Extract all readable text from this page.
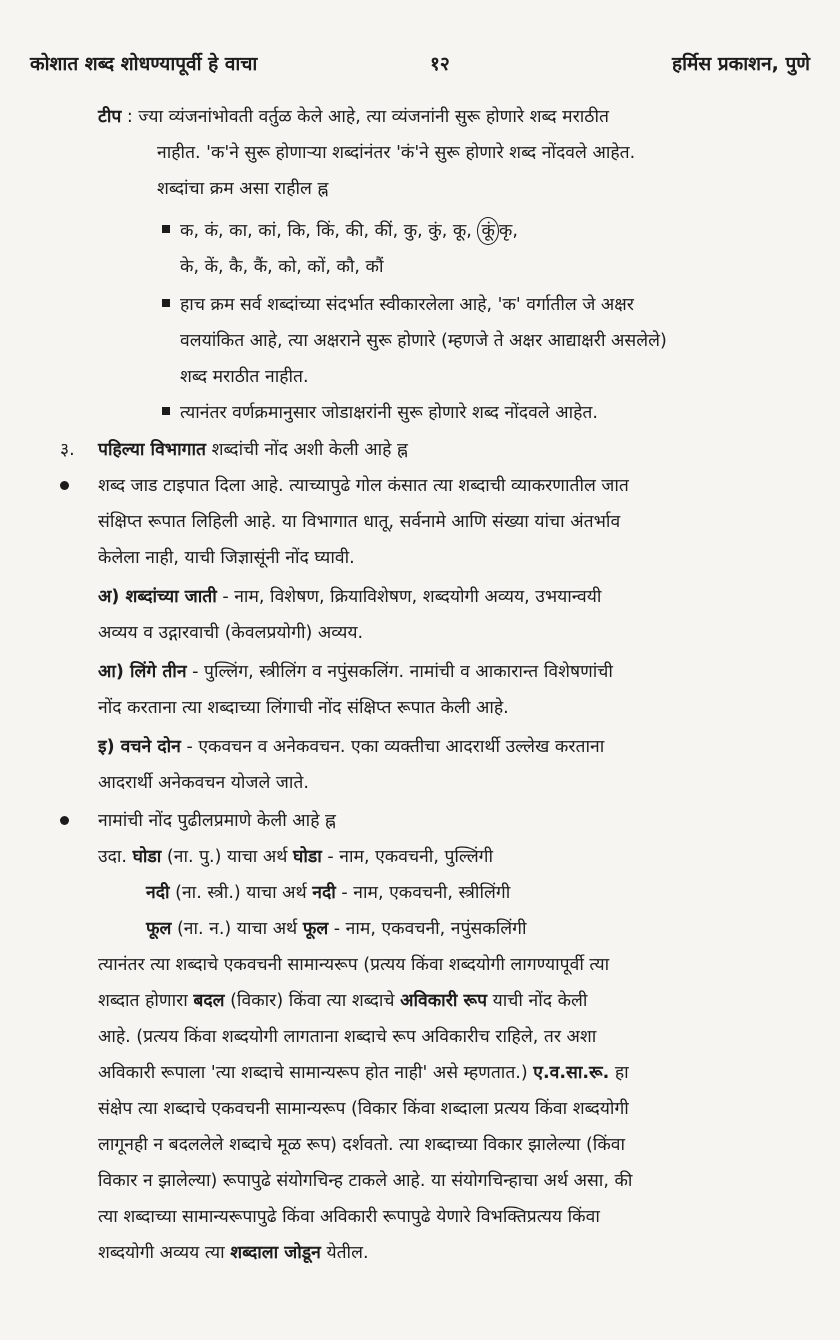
कोशात शब्द शोधण्यापूर्वी हे वाचा	१२	हर्मिस प्रकाशन, पुणे
टीप : ज्या व्यंजनांभोवती वर्तुळ केले आहे, त्या व्यंजनांनी सुरू होणारे शब्द मराठीत
नाहीत. 'क'ने सुरू होणाऱ्या शब्दांनंतर 'कं'ने सुरू होणारे शब्द नोंदवले आहेत.
शब्दांचा क्रम असा राहील ह्न
क, कं, का, कां, कि, किं, की, कीं, कु, कुं, कू, कूं कृ,
के, कें, कै, कैं, को, कों, कौ, कौं
हाच क्रम सर्व शब्दांच्या संदर्भात स्वीकारलेला आहे, 'क' वर्गातील जे अक्षर
वलयांकित आहे, त्या अक्षराने सुरू होणारे (म्हणजे ते अक्षर आद्याक्षरी असलेले)
शब्द मराठीत नाहीत.
त्यानंतर वर्णक्रमानुसार जोडाक्षरांनी सुरू होणारे शब्द नोंदवले आहेत.
३. पहिल्या विभागात शब्दांची नोंद अशी केली आहे ह्न
शब्द जाड टाइपात दिला आहे. त्याच्यापुढे गोल कंसात त्या शब्दाची व्याकरणातील जात
संक्षिप्त रूपात लिहिली आहे. या विभागात धातू, सर्वनामे आणि संख्या यांचा अंतर्भाव
केलेला नाही, याची जिज्ञासूंनी नोंद घ्यावी.
अ) शब्दांच्या जाती - नाम, विशेषण, क्रियाविशेषण, शब्दयोगी अव्यय, उभयान्वयी
अव्यय व उद्गारवाची (केवलप्रयोगी) अव्यय.
आ) लिंगे तीन - पुल्लिंग, स्त्रीलिंग व नपुंसकलिंग. नामांची व आकारान्त विशेषणांची
नोंद करताना त्या शब्दाच्या लिंगाची नोंद संक्षिप्त रूपात केली आहे.
इ) वचने दोन - एकवचन व अनेकवचन. एका व्यक्तीचा आदरार्थी उल्लेख करताना
आदरार्थी अनेकवचन योजले जाते.
नामांची नोंद पुढीलप्रमाणे केली आहे ह्न
उदा. घोडा (ना. पु.) याचा अर्थ घोडा - नाम, एकवचनी, पुल्लिंगी
नदी (ना. स्त्री.) याचा अर्थ नदी - नाम, एकवचनी, स्त्रीलिंगी
फूल (ना. न.) याचा अर्थ फूल - नाम, एकवचनी, नपुंसकलिंगी
त्यानंतर त्या शब्दाचे एकवचनी सामान्यरूप (प्रत्यय किंवा शब्दयोगी लागण्यापूर्वी त्या
शब्दात होणारा बदल (विकार) किंवा त्या शब्दाचे अविकारी रूप याची नोंद केली
आहे. (प्रत्यय किंवा शब्दयोगी लागताना शब्दाचे रूप अविकारीच राहिले, तर अशा
अविकारी रूपाला 'त्या शब्दाचे सामान्यरूप होत नाही' असे म्हणतात.) ए.व.सा.रू. हा
संक्षेप त्या शब्दाचे एकवचनी सामान्यरूप (विकार किंवा शब्दाला प्रत्यय किंवा शब्दयोगी
लागूनही न बदललेले शब्दाचे मूळ रूप) दर्शवतो. त्या शब्दाच्या विकार झालेल्या (किंवा
विकार न झालेल्या) रूपापुढे संयोगचिन्ह टाकले आहे. या संयोगचिन्हाचा अर्थ असा, की
त्या शब्दाच्या सामान्यरूपापुढे किंवा अविकारी रूपापुढे येणारे विभक्तिप्रत्यय किंवा
शब्दयोगी अव्यय त्या शब्दाला जोडून येतील.
